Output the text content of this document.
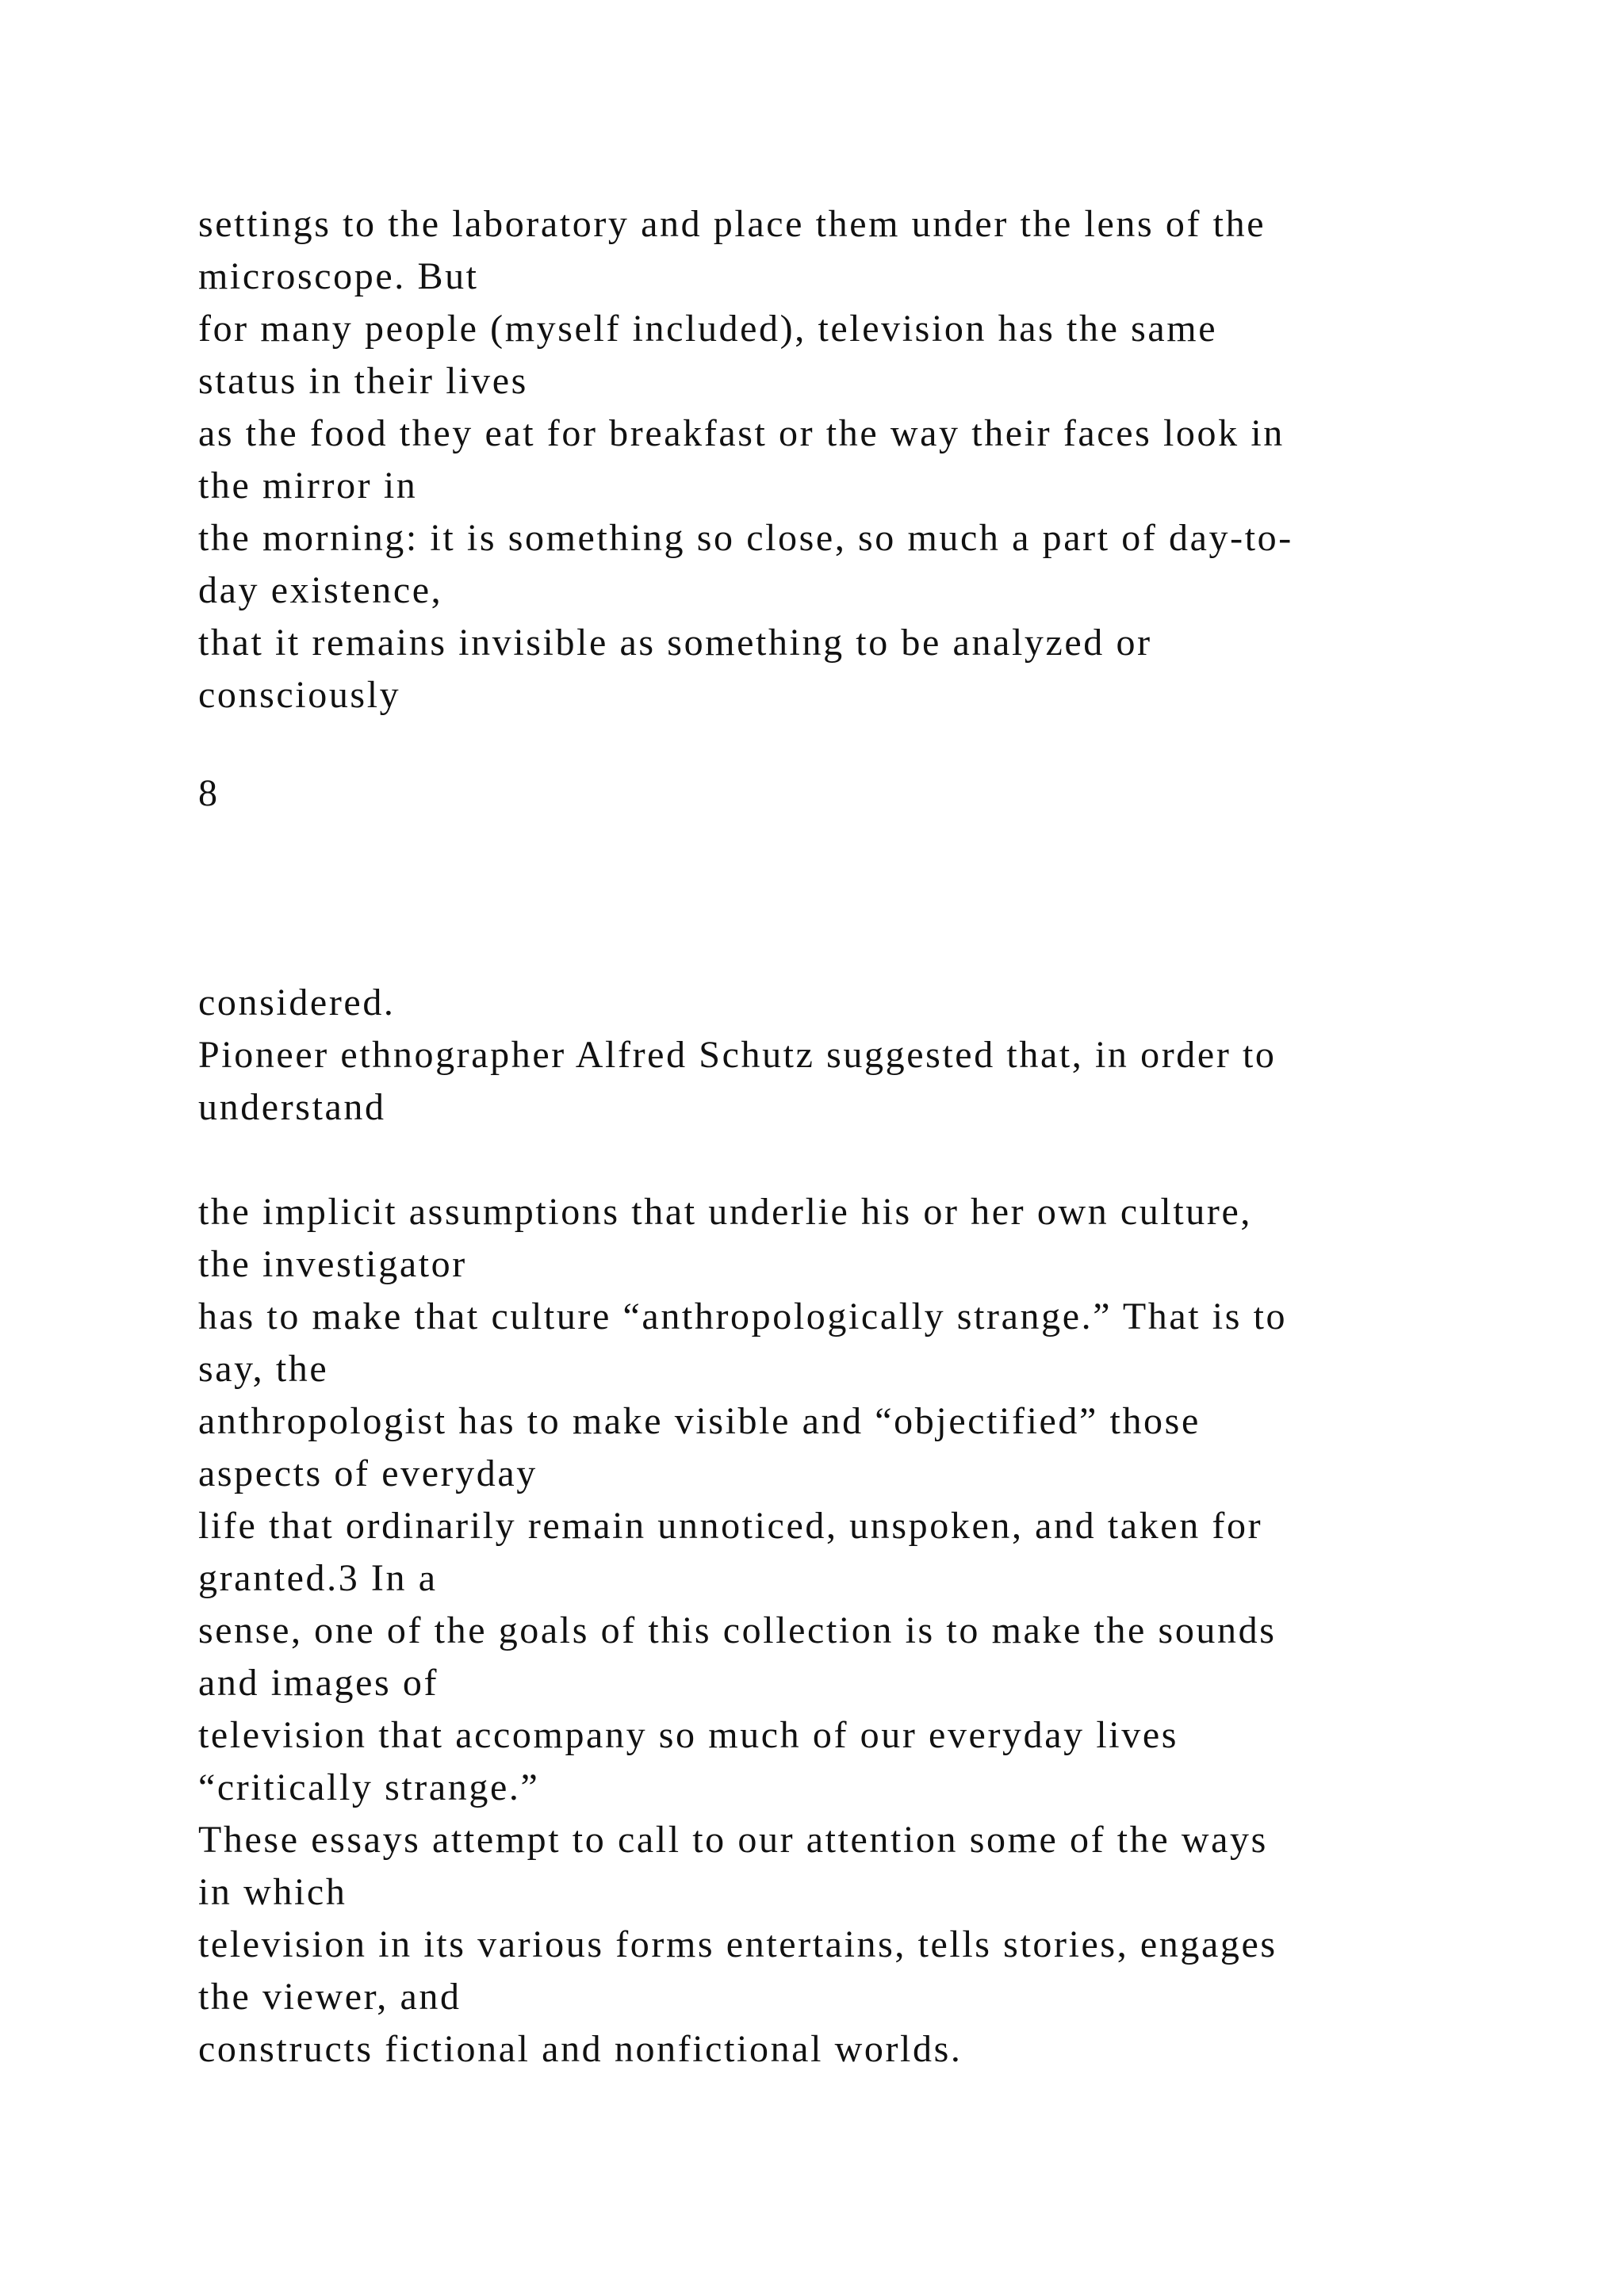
settings to the laboratory and place them under the lens of the
microscope. But
for many people (myself included), television has the same
status in their lives
as the food they eat for breakfast or the way their faces look in
the mirror in
the morning: it is something so close, so much a part of day-to-
day existence,
that it remains invisible as something to be analyzed or
consciously
8
considered.
Pioneer ethnographer Alfred Schutz suggested that, in order to
understand
the implicit assumptions that underlie his or her own culture,
the investigator
has to make that culture “anthropologically strange.” That is to
say, the
anthropologist has to make visible and “objectified” those
aspects of everyday
life that ordinarily remain unnoticed, unspoken, and taken for
granted.3 In a
sense, one of the goals of this collection is to make the sounds
and images of
television that accompany so much of our everyday lives
“critically strange.”
These essays attempt to call to our attention some of the ways
in which
television in its various forms entertains, tells stories, engages
the viewer, and
constructs fictional and nonfictional worlds.
